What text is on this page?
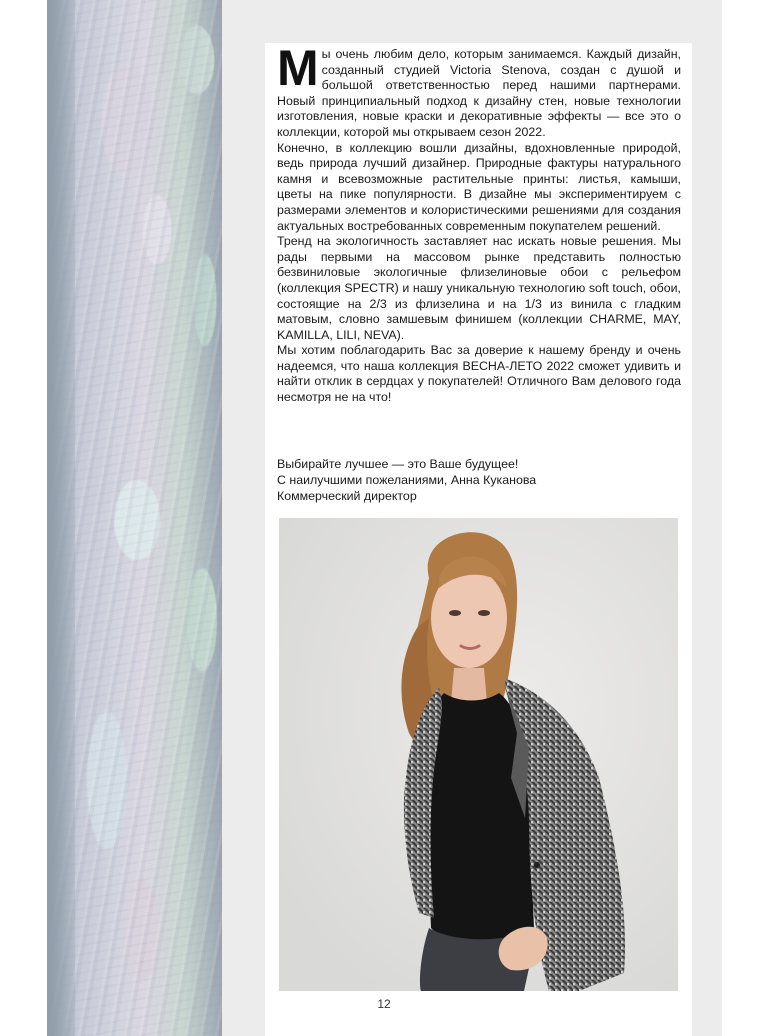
М ы очень любим дело, которым занимаемся. Каждый дизайн, созданный студией Victoria Stenova, создан с душой и большой ответственностью перед нашими партнерами. Новый принципиальный подход к дизайну стен, новые технологии изготовления, новые краски и декоративные эффекты — все это о коллекции, которой мы открываем сезон 2022.

Конечно, в коллекцию вошли дизайны, вдохновленные природой, ведь природа лучший дизайнер. Природные фактуры натурального камня и всевозможные растительные принты: листья, камыши, цветы на пике популярности. В дизайне мы экспериментируем с размерами элементов и колористическими решениями для создания актуальных востребованных современным покупателем решений.

Тренд на экологичность заставляет нас искать новые решения. Мы рады первыми на массовом рынке представить полностью безвиниловые экологичные флизелиновые обои с рельефом (коллекция SPECTR) и нашу уникальную технологию soft touch, обои, состоящие на 2/3 из флизелина и на 1/3 из винила с гладким матовым, словно замшевым финишем (коллекции CHARME, MAY, KAMILLA, LILI, NEVA).

Мы хотим поблагодарить Вас за доверие к нашему бренду и очень надеемся, что наша коллекция ВЕСНА-ЛЕТО 2022 сможет удивить и найти отклик в сердцах у покупателей! Отличного Вам делового года несмотря не на что!

Выбирайте лучшее — это Ваше будущее!
С наилучшими пожеланиями, Анна Куканова
Коммерческий директор
12
